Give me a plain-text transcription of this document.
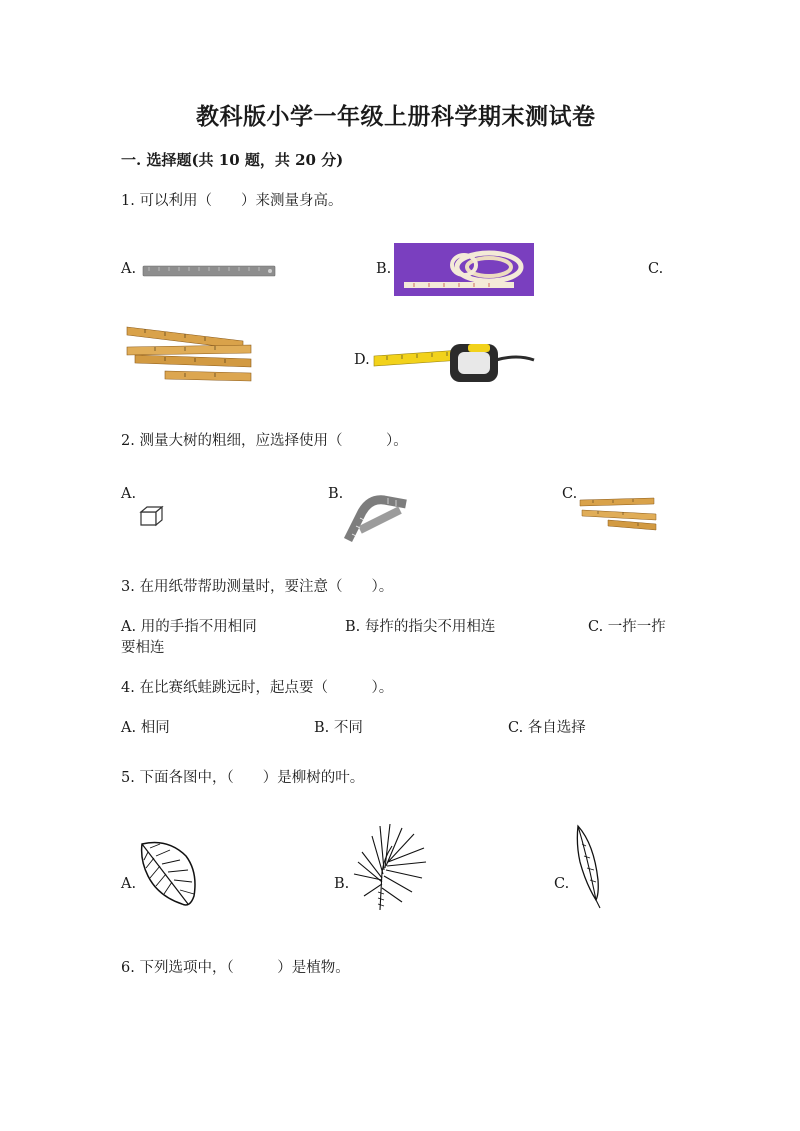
教科版小学一年级上册科学期末测试卷
一. 选择题(共 10 题，共 20 分)
1. 可以利用（　　）来测量身高。
A.	B.	C.
D.
2. 测量大树的粗细，应选择使用（　　　）。
A.	B.	C.
3. 在用纸带帮助测量时，要注意（　　）。
A. 用的手指不用相同	B. 每拃的指尖不用相连	C. 一拃一拃
要相连
4. 在比赛纸蛙跳远时，起点要（　　　）。
A. 相同	B. 不同	C. 各自选择
5. 下面各图中，（　　）是柳树的叶。
A.	B.	C.
6. 下列选项中，（　　　）是植物。
